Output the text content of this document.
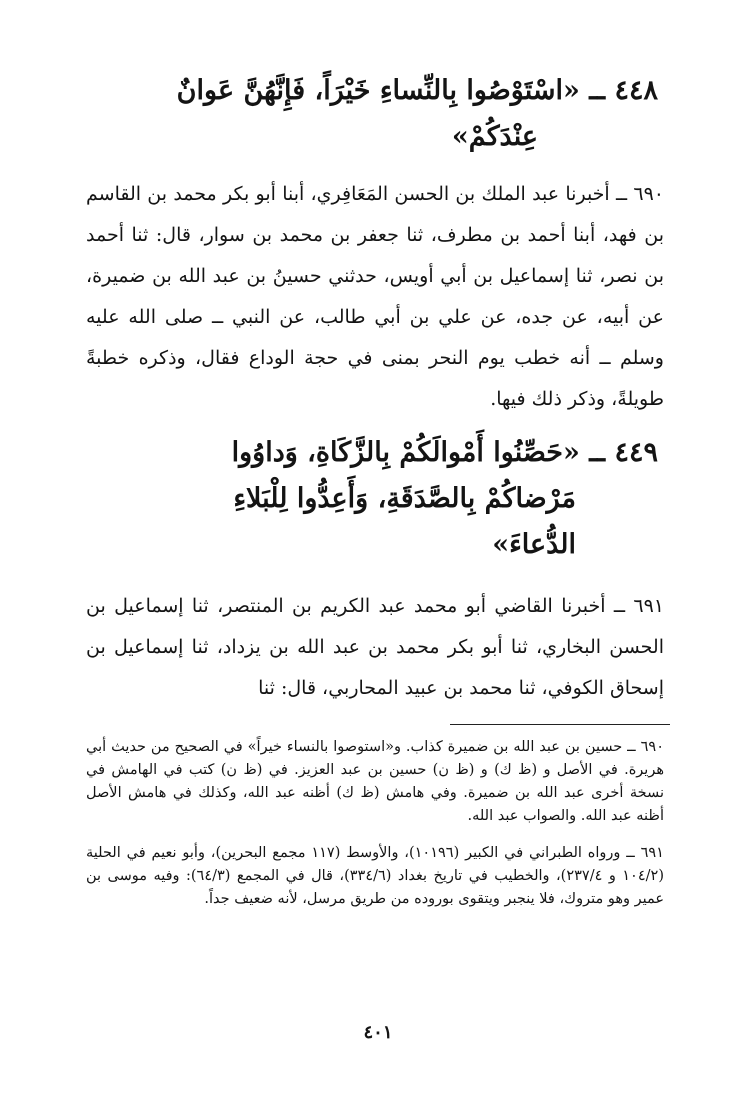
٤٤٨ ــ «اسْتَوْصُوا بِالنِّساءِ خَيْرَاً، فَإِنَّهُنَّ عَوانٌ
عِنْدَكُمْ»

٦٩٠ ــ أخبرنا عبد الملك بن الحسن المَعَافِري، أبنا أبو بكر محمد بن القاسم بن فهد، أبنا أحمد بن مطرف، ثنا جعفر بن محمد بن سوار، قال: ثنا أحمد بن نصر، ثنا إسماعيل بن أبي أويس، حدثني حسينُ بن عبد الله بن ضميرة، عن أبيه، عن جده، عن علي بن أبي طالب، عن النبي ــ صلى الله عليه وسلم ــ أنه خطب يوم النحر بمنى في حجة الوداع فقال، وذكره خطبةً طويلةً، وذكر ذلك فيها.

٤٤٩ ــ «حَصِّنُوا أَمْوالَكُمْ بِالزَّكَاةِ، وَداوُوا
مَرْضاكُمْ بِالصَّدَقَةِ، وَأَعِدُّوا لِلْبَلاءِ
الدُّعاءَ»

٦٩١ ــ أخبرنا القاضي أبو محمد عبد الكريم بن المنتصر، ثنا إسماعيل بن الحسن البخاري، ثنا أبو بكر محمد بن عبد الله بن يزداد، ثنا إسماعيل بن إسحاق الكوفي، ثنا محمد بن عبيد المحاربي، قال: ثنا

٦٩٠ ــ حسين بن عبد الله بن ضميرة كذاب. و«استوصوا بالنساء خيراً» في الصحيح من حديث أبي هريرة. في الأصل و (ظ ك) و (ظ ن) حسين بن عبد العزيز. في (ظ ن) كتب في الهامش في نسخة أخرى عبد الله بن ضميرة. وفي هامش (ظ ك) أظنه عبد الله، وكذلك في هامش الأصل أظنه عبد الله. والصواب عبد الله.

٦٩١ ــ ورواه الطبراني في الكبير (١٠١٩٦)، والأوسط (١١٧ مجمع البحرين)، وأبو نعيم في الحلية (١٠٤/٢ و ٢٣٧/٤)، والخطيب في تاريخ بغداد (٣٣٤/٦)، قال في المجمع (٦٤/٣): وفيه موسى بن عمير وهو متروك، فلا ينجبر ويتقوى بوروده من طريق مرسل، لأنه ضعيف جداً.

٤٠١
